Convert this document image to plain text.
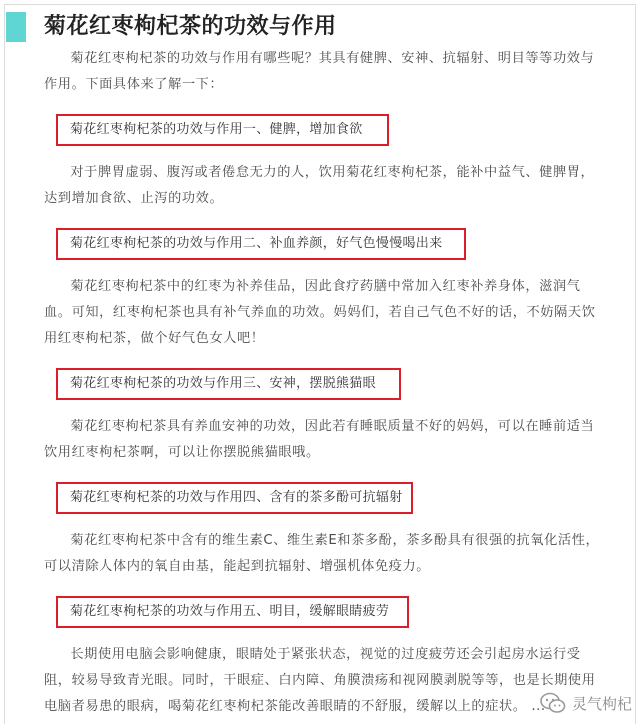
菊花红枣枸杞茶的功效与作用
菊花红枣枸杞茶的功效与作用有哪些呢？其具有健脾、安神、抗辐射、明目等等功效与作用。下面具体来了解一下：
菊花红枣枸杞茶的功效与作用一、健脾，增加食欲
对于脾胃虚弱、腹泻或者倦怠无力的人，饮用菊花红枣枸杞茶，能补中益气、健脾胃，达到增加食欲、止泻的功效。
菊花红枣枸杞茶的功效与作用二、补血养颜，好气色慢慢喝出来
菊花红枣枸杞茶中的红枣为补养佳品，因此食疗药膳中常加入红枣补养身体，滋润气血。可知，红枣枸杞茶也具有补气养血的功效。妈妈们，若自己气色不好的话，不妨隔天饮用红枣枸杞茶，做个好气色女人吧！
菊花红枣枸杞茶的功效与作用三、安神，摆脱熊猫眼
菊花红枣枸杞茶具有养血安神的功效，因此若有睡眠质量不好的妈妈，可以在睡前适当饮用红枣枸杞茶啊，可以让你摆脱熊猫眼哦。
菊花红枣枸杞茶的功效与作用四、含有的茶多酚可抗辐射
菊花红枣枸杞茶中含有的维生素C、维生素E和茶多酚，茶多酚具有很强的抗氧化活性，可以清除人体内的氧自由基，能起到抗辐射、增强机体免疫力。
菊花红枣枸杞茶的功效与作用五、明目，缓解眼睛疲劳
长期使用电脑会影响健康，眼睛处于紧张状态，视觉的过度疲劳还会引起房水运行受阻，较易导致青光眼。同时，干眼症、白内障、角膜溃疡和视网膜剥脱等等，也是长期使用电脑者易患的眼病，喝菊花红枣枸杞茶能改善眼睛的不舒服，缓解以上的症状。 ...	灵气枸杞
